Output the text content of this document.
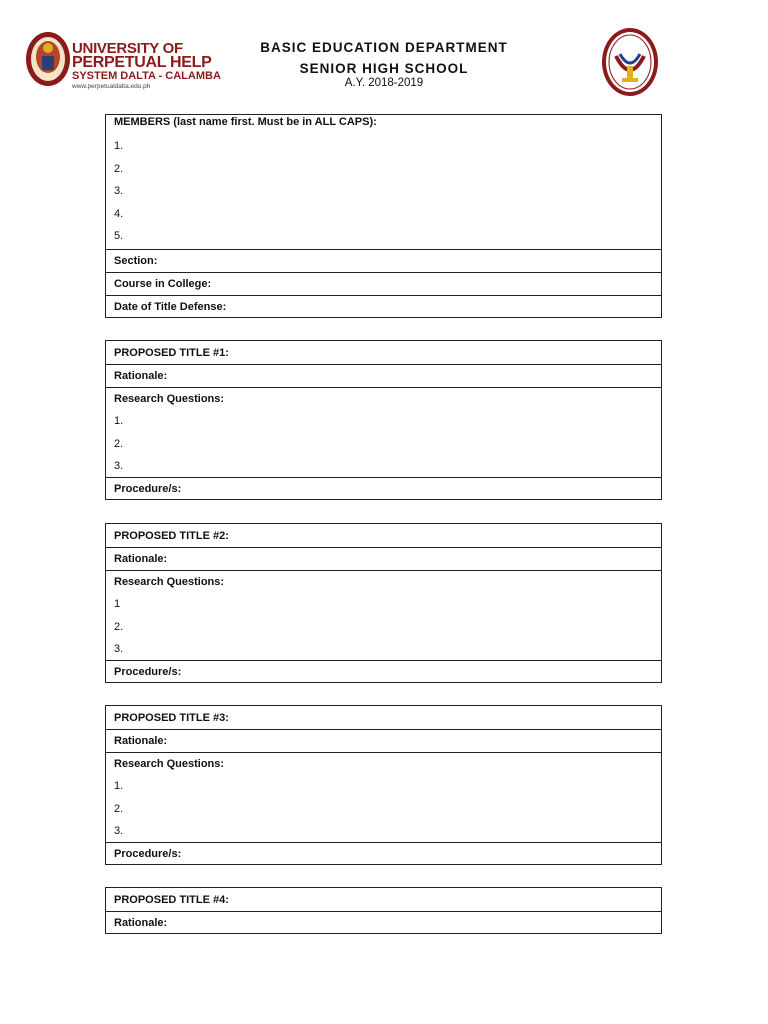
UNIVERSITY OF
PERPETUAL HELP
SYSTEM DALTA - CALAMBA
www.perpetualdalta.edu.ph
BASIC EDUCATION DEPARTMENT
SENIOR HIGH SCHOOL
A.Y. 2018-2019
MEMBERS (last name first. Must be in ALL CAPS):
1.
2.
3.
4.
5.
Section:
Course in College:
Date of Title Defense:
PROPOSED TITLE #1:
Rationale:
Research Questions:
1.
2.
3.
Procedure/s:
PROPOSED TITLE #2:
Rationale:
Research Questions:
1
2.
3.
Procedure/s:
PROPOSED TITLE #3:
Rationale:
Research Questions:
1.
2.
3.
Procedure/s:
PROPOSED TITLE #4:
Rationale:
